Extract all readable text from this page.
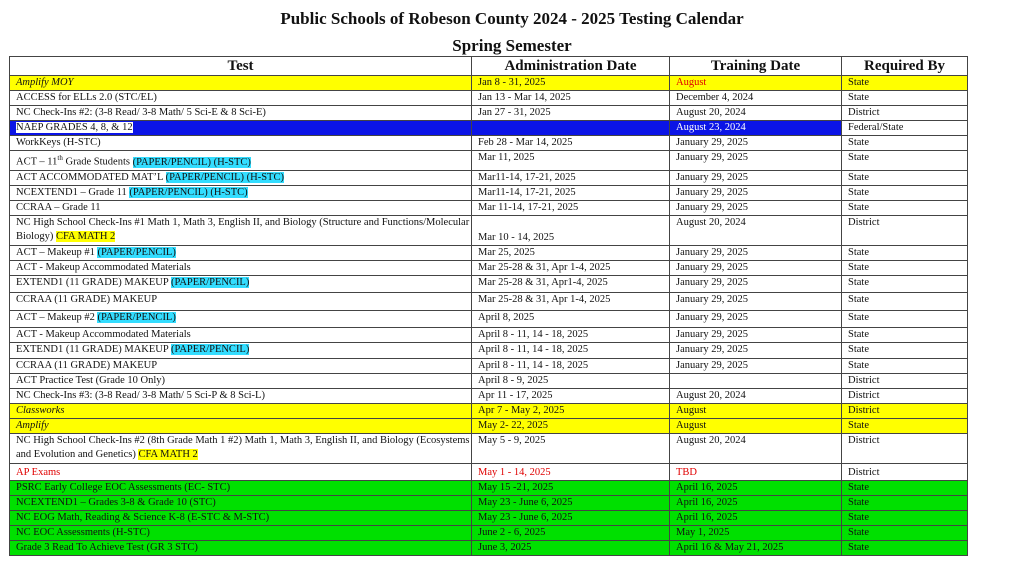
Public Schools of Robeson County 2024 - 2025 Testing Calendar
Spring Semester
Test	Administration Date	Training Date	Required By
Amplify MOY	Jan 8 - 31, 2025	August	State
ACCESS for ELLs 2.0 (STC/EL)	Jan 13 - Mar 14, 2025	December 4, 2024	State
NC Check-Ins #2: (3-8 Read/ 3-8 Math/ 5 Sci-E & 8 Sci-E)	Jan 27 - 31, 2025	August 20, 2024	District
NAEP GRADES 4, 8, & 12		August 23, 2024	Federal/State
WorkKeys (H-STC)	Feb 28 - Mar 14, 2025	January 29, 2025	State
ACT – 11th Grade Students (PAPER/PENCIL) (H-STC)	Mar 11, 2025	January 29, 2025	State
ACT ACCOMMODATED MAT’L (PAPER/PENCIL) (H-STC)	Mar11-14, 17-21, 2025	January 29, 2025	State
NCEXTEND1 – Grade 11 (PAPER/PENCIL) (H-STC)	Mar11-14, 17-21, 2025	January 29, 2025	State
CCRAA – Grade 11	Mar 11-14, 17-21, 2025	January 29, 2025	State
NC High School Check-Ins #1 Math 1, Math 3, English II, and Biology (Structure and Functions/Molecular Biology) CFA MATH 2	Mar 10 - 14, 2025	August 20, 2024	District
ACT – Makeup #1 (PAPER/PENCIL)	Mar 25, 2025	January 29, 2025	State
ACT - Makeup Accommodated Materials	Mar 25-28 & 31, Apr 1-4, 2025	January 29, 2025	State
EXTEND1 (11 GRADE) MAKEUP (PAPER/PENCIL)	Mar 25-28 & 31, Apr1-4, 2025	January 29, 2025	State
CCRAA (11 GRADE) MAKEUP	Mar 25-28 & 31, Apr 1-4, 2025	January 29, 2025	State
ACT – Makeup #2 (PAPER/PENCIL)	April 8, 2025	January 29, 2025	State
ACT - Makeup Accommodated Materials	April 8 - 11, 14 - 18, 2025	January 29, 2025	State
EXTEND1 (11 GRADE) MAKEUP (PAPER/PENCIL)	April 8 - 11, 14 - 18, 2025	January 29, 2025	State
CCRAA (11 GRADE) MAKEUP	April 8 - 11, 14 - 18, 2025	January 29, 2025	State
ACT Practice Test (Grade 10 Only)	April 8 - 9, 2025		District
NC Check-Ins #3: (3-8 Read/ 3-8 Math/ 5 Sci-P & 8 Sci-L)	Apr 11 - 17, 2025	August 20, 2024	District
Classworks	Apr 7 - May 2, 2025	August	District
Amplify	May 2- 22, 2025	August	State
NC High School Check-Ins #2 (8th Grade Math 1 #2) Math 1, Math 3, English II, and Biology (Ecosystems and Evolution and Genetics) CFA MATH 2	May 5 - 9, 2025	August 20, 2024	District
AP Exams	May 1 - 14, 2025	TBD	District
PSRC Early College EOC Assessments (EC- STC)	May 15 -21, 2025	April 16, 2025	State
NCEXTEND1 – Grades 3-8 & Grade 10 (STC)	May 23 - June 6, 2025	April 16, 2025	State
NC EOG Math, Reading & Science K-8 (E-STC & M-STC)	May 23 - June 6, 2025	April 16, 2025	State
NC EOC Assessments (H-STC)	June 2 - 6, 2025	May 1, 2025	State
Grade 3 Read To Achieve Test (GR 3 STC)	June 3, 2025	April 16 & May 21, 2025	State
